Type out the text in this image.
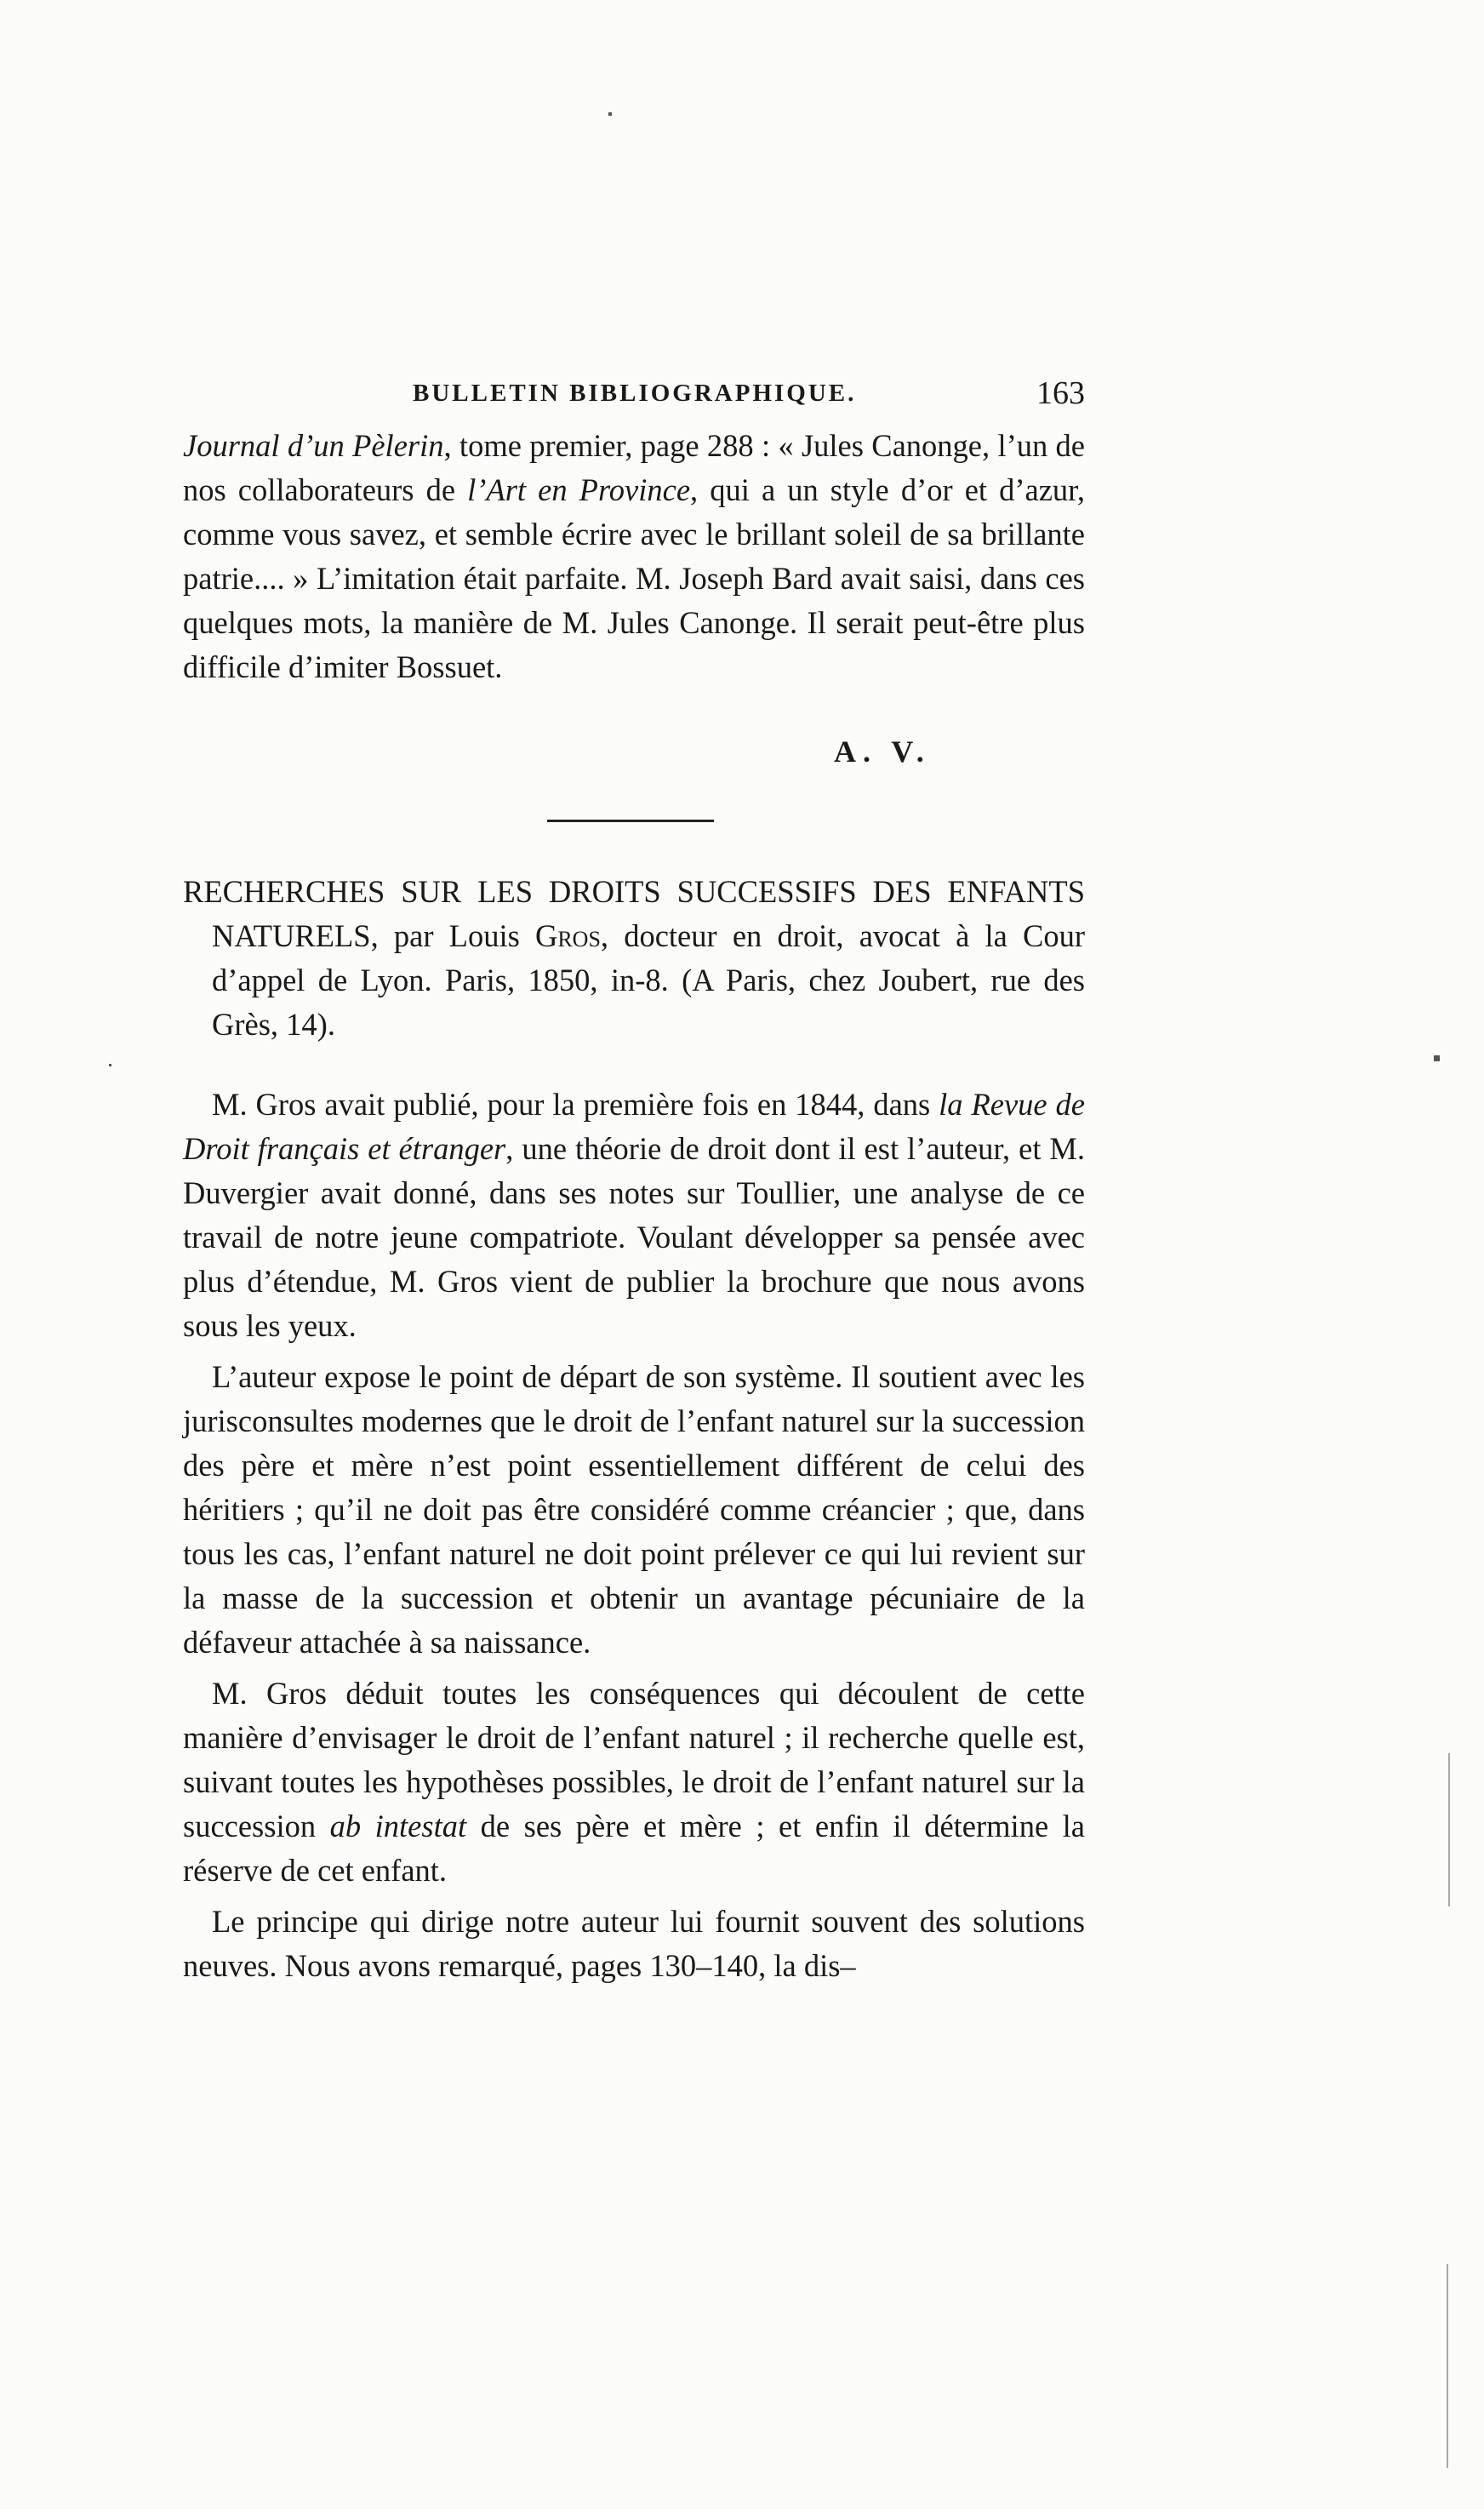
BULLETIN BIBLIOGRAPHIQUE.	163

Journal d’un Pèlerin, tome premier, page 288 : « Jules Canonge, l’un de nos collaborateurs de l’Art en Province, qui a un style d’or et d’azur, comme vous savez, et semble écrire avec le brillant soleil de sa brillante patrie.... » L’imitation était parfaite. M. Joseph Bard avait saisi, dans ces quelques mots, la manière de M. Jules Canonge. Il serait peut-être plus difficile d’imiter Bossuet.

A. V.
RECHERCHES SUR LES DROITS SUCCESSIFS DES ENFANTS
NATURELS, par Louis Gros, docteur en droit, avocat à la Cour d’appel de Lyon. Paris, 1850, in-8. (A Paris, chez Joubert, rue des Grès, 14).

M. Gros avait publié, pour la première fois en 1844, dans la Revue de Droit français et étranger, une théorie de droit dont il est l’auteur, et M. Duvergier avait donné, dans ses notes sur Toullier, une analyse de ce travail de notre jeune compatriote. Voulant développer sa pensée avec plus d’étendue, M. Gros vient de publier la brochure que nous avons sous les yeux.

L’auteur expose le point de départ de son système. Il soutient avec les jurisconsultes modernes que le droit de l’enfant naturel sur la succession des père et mère n’est point essentiellement différent de celui des héritiers ; qu’il ne doit pas être considéré comme créancier ; que, dans tous les cas, l’enfant naturel ne doit point prélever ce qui lui revient sur la masse de la succession et obtenir un avantage pécuniaire de la défaveur attachée à sa naissance.

M. Gros déduit toutes les conséquences qui découlent de cette manière d’envisager le droit de l’enfant naturel ; il recherche quelle est, suivant toutes les hypothèses possibles, le droit de l’enfant naturel sur la succession ab intestat de ses père et mère ; et enfin il détermine la réserve de cet enfant.

Le principe qui dirige notre auteur lui fournit souvent des solutions neuves. Nous avons remarqué, pages 130–140, la dis–
